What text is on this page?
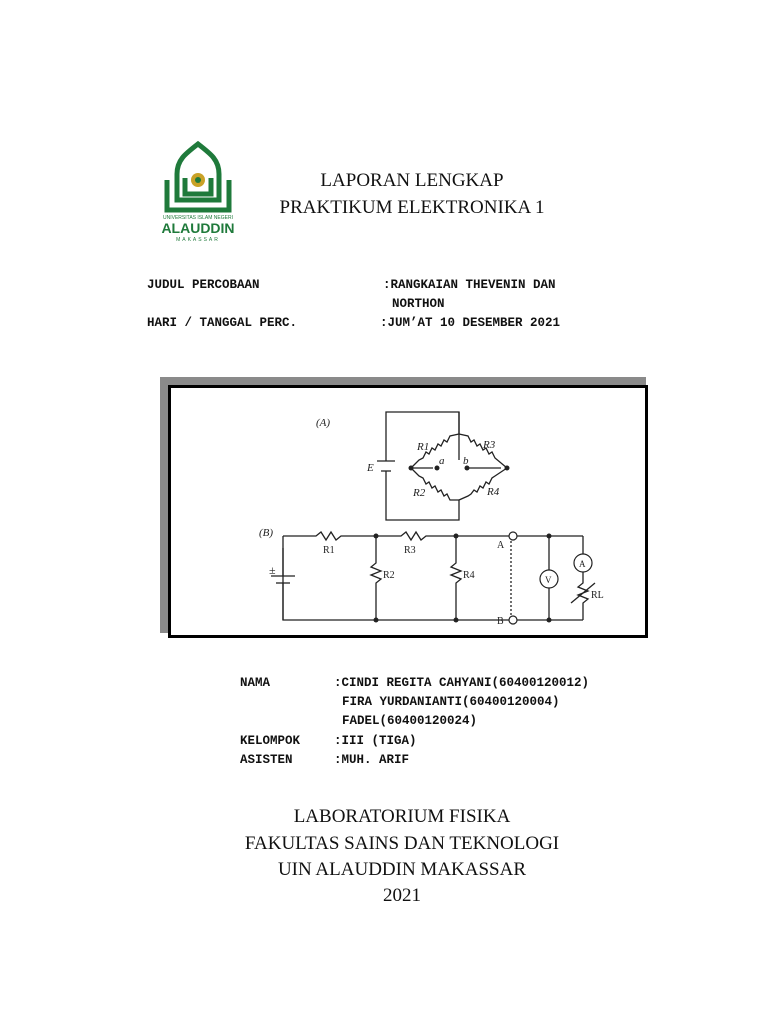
UNIVERSITAS ISLAM NEGERI
ALAUDDIN
MAKASSAR
LAPORAN LENGKAP
PRAKTIKUM ELEKTRONIKA 1
JUDUL PERCOBAAN	:RANGKAIAN THEVENIN DAN
NORTHON
HARI / TANGGAL PERC.	:JUM’AT 10 DESEMBER 2021
(A)
E
R1	R3
R2	R4
a b
(B)
R1	R3
R2	R4
RL
A
B
V
A
±
NAMA	:CINDI REGITA CAHYANI(60400120012)
FIRA YURDANIANTI(60400120004)
FADEL(60400120024)
KELOMPOK	:III (TIGA)
ASISTEN	:MUH. ARIF
LABORATORIUM FISIKA
FAKULTAS SAINS DAN TEKNOLOGI
UIN ALAUDDIN MAKASSAR
2021
